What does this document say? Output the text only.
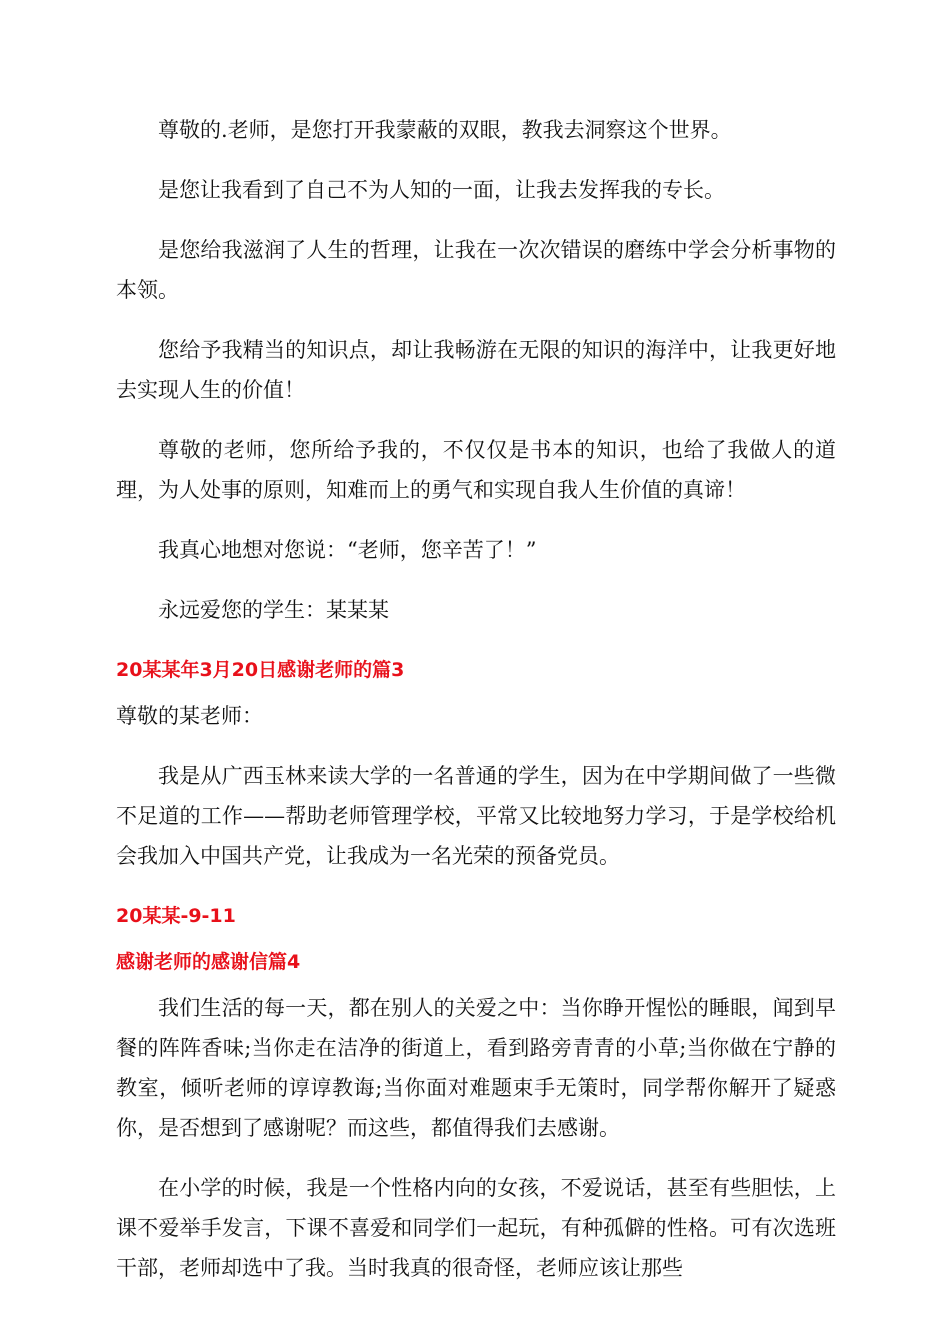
尊敬的.老师，是您打开我蒙蔽的双眼，教我去洞察这个世界。

是您让我看到了自己不为人知的一面，让我去发挥我的专长。

是您给我滋润了人生的哲理，让我在一次次错误的磨练中学会分析事物的本领。

您给予我精当的知识点，却让我畅游在无限的知识的海洋中，让我更好地去实现人生的价值！

尊敬的老师，您所给予我的，不仅仅是书本的知识，也给了我做人的道理，为人处事的原则，知难而上的勇气和实现自我人生价值的真谛！

我真心地想对您说：“老师，您辛苦了！”

永远爱您的学生：某某某

20某某年3月20日感谢老师的篇3

尊敬的某老师：

我是从广西玉林来读大学的一名普通的学生，因为在中学期间做了一些微不足道的工作——帮助老师管理学校，平常又比较地努力学习，于是学校给机会我加入中国共产党，让我成为一名光荣的预备党员。

20某某-9-11
感谢老师的感谢信篇4

我们生活的每一天，都在别人的关爱之中：当你睁开惺忪的睡眼，闻到早餐的阵阵香味;当你走在洁净的街道上，看到路旁青青的小草;当你做在宁静的教室，倾听老师的谆谆教诲;当你面对难题束手无策时，同学帮你解开了疑惑你，是否想到了感谢呢？而这些，都值得我们去感谢。

在小学的时候，我是一个性格内向的女孩，不爱说话，甚至有些胆怯，上课不爱举手发言，下课不喜爱和同学们一起玩，有种孤僻的性格。可有次选班干部，老师却选中了我。当时我真的很奇怪，老师应该让那些
